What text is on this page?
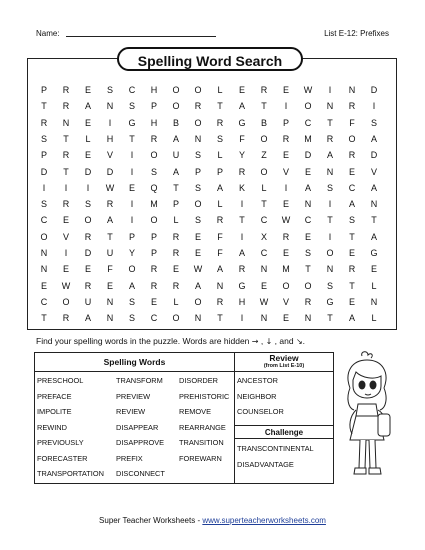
Name:	List E-12: Prefixes
Spelling Word Search
P	R	E	S	C	H	O	O	L	E	R	E	W	I	N	D
T	R	A	N	S	P	O	R	T	A	T	I	O	N	R	I
R	N	E	I	G	H	B	O	R	G	B	P	C	T	F	S
S	T	L	H	T	R	A	N	S	F	O	R	M	R	O	A
P	R	E	V	I	O	U	S	L	Y	Z	E	D	A	R	D
D	T	D	D	I	S	A	P	P	R	O	V	E	N	E	V
I	I	I	W	E	Q	T	S	A	K	L	I	A	S	C	A
S	R	S	R	I	M	P	O	L	I	T	E	N	I	A	N
C	E	O	A	I	O	L	S	R	T	C	W	C	T	S	T
O	V	R	T	P	P	R	E	F	I	X	R	E	I	T	A
N	I	D	U	Y	P	R	E	F	A	C	E	S	O	E	G
N	E	E	F	O	R	E	W	A	R	N	M	T	N	R	E
E	W	R	E	A	R	R	A	N	G	E	O	O	S	T	L
C	O	U	N	S	E	L	O	R	H	W	V	R	G	E	N
T	R	A	N	S	C	O	N	T	I	N	E	N	T	A	L
Find your spelling words in the puzzle. Words are hidden → , ↓ , and ↘.
Spelling Words	Review
(from List E-10)
PRESCHOOL
PREFACE
IMPOLITE
REWIND
PREVIOUSLY
FORECASTER
TRANSPORTATION
TRANSFORM
PREVIEW
REVIEW
DISAPPEAR
DISAPPROVE
PREFIX
DISCONNECT
DISORDER
PREHISTORIC
REMOVE
REARRANGE
TRANSITION
FOREWARN
Challenge
ANCESTOR
NEIGHBOR
COUNSELOR
TRANSCONTINENTAL
DISADVANTAGE
Super Teacher Worksheets - www.superteacherworksheets.com
